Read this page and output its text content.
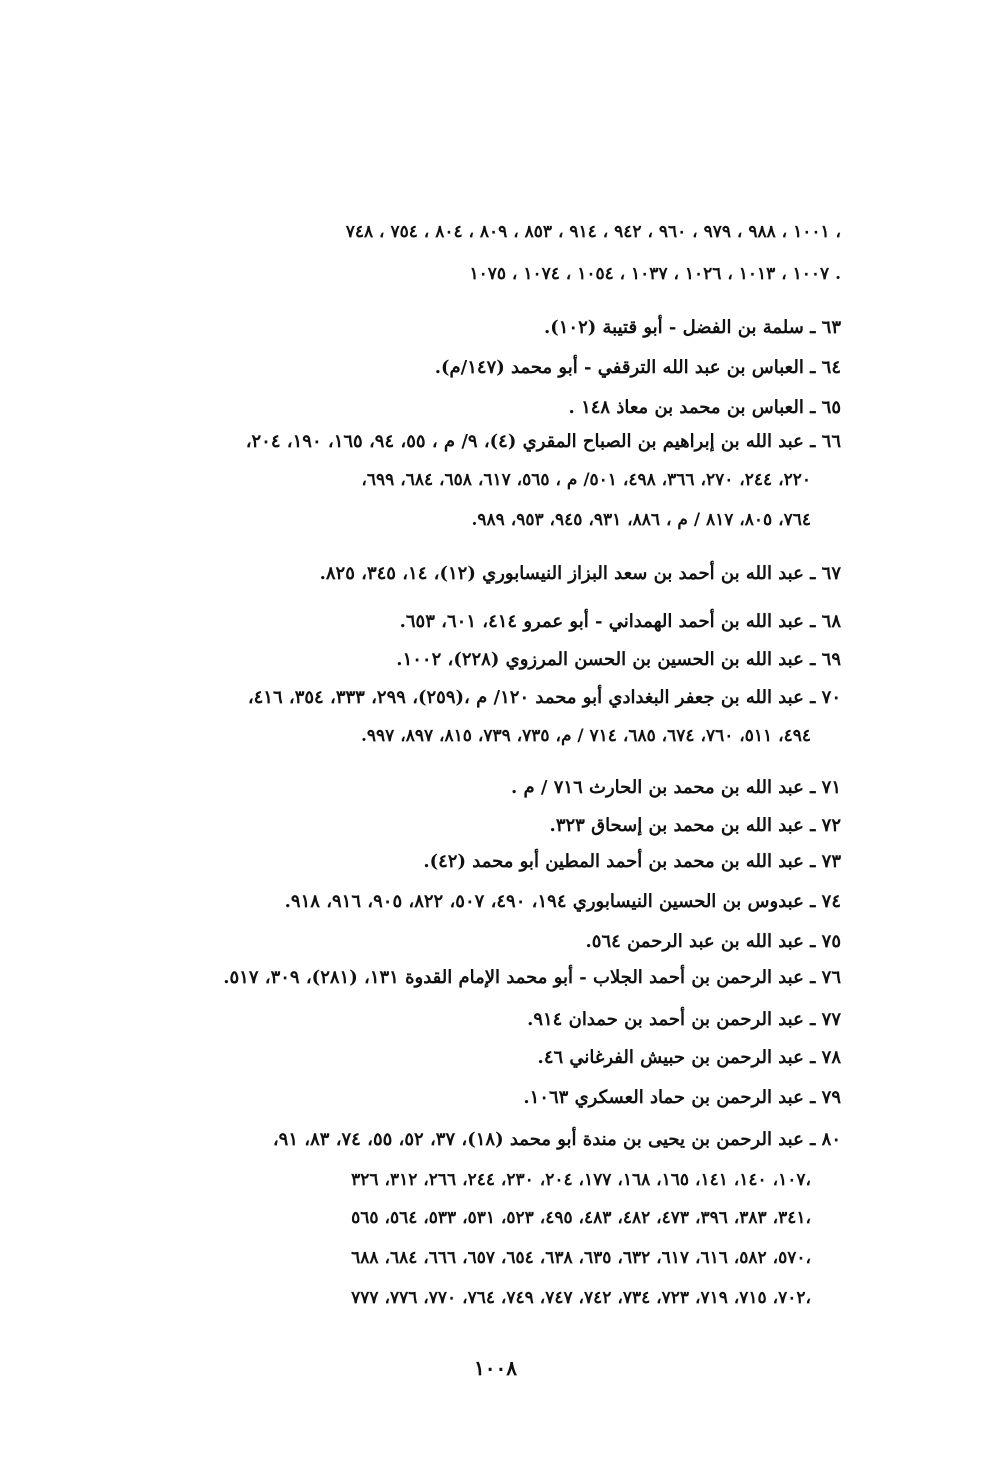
١٠٠١ ، ٩٨٨ ، ٩٧٩ ، ٩٦٠ ، ٩٤٢ ، ٩١٤ ، ٨٥٣ ، ٨٠٩ ، ٨٠٤ ، ٧٥٤ ، ٧٤٨ ،
١٠٠٧ ، ١٠١٣ ، ١٠٢٦ ، ١٠٣٧ ، ١٠٥٤ ، ١٠٧٤ ، ١٠٧٥ .
٦٣ ـ سلمة بن الفضل - أبو قتيبة (١٠٢).
٦٤ ـ العباس بن عبد الله الترقفي - أبو محمد (١٤٧/م).
٦٥ ـ العباس بن محمد بن معاذ ١٤٨ .
٦٦ ـ عبد الله بن إبراهيم بن الصباح المقري (٤)، ٩/ م ، ٥٥، ٩٤، ١٦٥، ١٩٠، ٢٠٤،
٢٢٠، ٢٤٤، ٢٧٠، ٣٦٦، ٤٩٨، ٥٠١/ م ، ٥٦٥، ٦١٧، ٦٥٨، ٦٨٤، ٦٩٩،
٧٦٤، ٨٠٥، ٨١٧ / م ، ٨٨٦، ٩٣١، ٩٤٥، ٩٥٣، ٩٨٩.
٦٧ ـ عبد الله بن أحمد بن سعد البزاز النيسابوري (١٢)، ١٤، ٣٤٥، ٨٢٥.
٦٨ ـ عبد الله بن أحمد الهمداني - أبو عمرو ٤١٤، ٦٠١، ٦٥٣.
٦٩ ـ عبد الله بن الحسين بن الحسن المرزوي (٢٢٨)، ١٠٠٢.
٧٠ ـ عبد الله بن جعفر البغدادي أبو محمد ١٢٠/ م ،(٢٥٩)، ٢٩٩، ٣٣٣، ٣٥٤، ٤١٦،
٤٩٤، ٥١١، ٧٦٠، ٦٧٤، ٦٨٥، ٧١٤ / م، ٧٣٥، ٧٣٩، ٨١٥، ٨٩٧، ٩٩٧.
٧١ ـ عبد الله بن محمد بن الحارث ٧١٦ / م .
٧٢ ـ عبد الله بن محمد بن إسحاق ٣٢٣.
٧٣ ـ عبد الله بن محمد بن أحمد المطين أبو محمد (٤٢).
٧٤ ـ عبدوس بن الحسين النيسابوري ١٩٤، ٤٩٠، ٥٠٧، ٨٢٢، ٩٠٥، ٩١٦، ٩١٨.
٧٥ ـ عبد الله بن عبد الرحمن ٥٦٤.
٧٦ ـ عبد الرحمن بن أحمد الجلاب - أبو محمد الإمام القدوة ١٣١، (٢٨١)، ٣٠٩، ٥١٧.
٧٧ ـ عبد الرحمن بن أحمد بن حمدان ٩١٤.
٧٨ ـ عبد الرحمن بن حبيش الفرغاني ٤٦.
٧٩ ـ عبد الرحمن بن حماد العسكري ١٠٦٣.
٨٠ ـ عبد الرحمن بن يحيى بن مندة أبو محمد (١٨)، ٣٧، ٥٢، ٥٥، ٧٤، ٨٣، ٩١،
١٠٧، ١٤٠، ١٤١، ١٦٥، ١٦٨، ١٧٧، ٢٠٤، ٢٣٠، ٢٤٤، ٢٦٦، ٣١٢، ٣٢٦،
٣٤١، ٣٨٣، ٣٩٦، ٤٧٣، ٤٨٢، ٤٨٣، ٤٩٥، ٥٢٣، ٥٣١، ٥٣٣، ٥٦٤، ٥٦٥،
٥٧٠، ٥٨٢، ٦١٦، ٦١٧، ٦٣٢، ٦٣٥، ٦٣٨، ٦٥٤، ٦٥٧، ٦٦٦، ٦٨٤، ٦٨٨،
٧٠٢، ٧١٥، ٧١٩، ٧٢٣، ٧٣٤، ٧٤٢، ٧٤٧، ٧٤٩، ٧٦٤، ٧٧٠، ٧٧٦، ٧٧٧،
١٠٠٨
